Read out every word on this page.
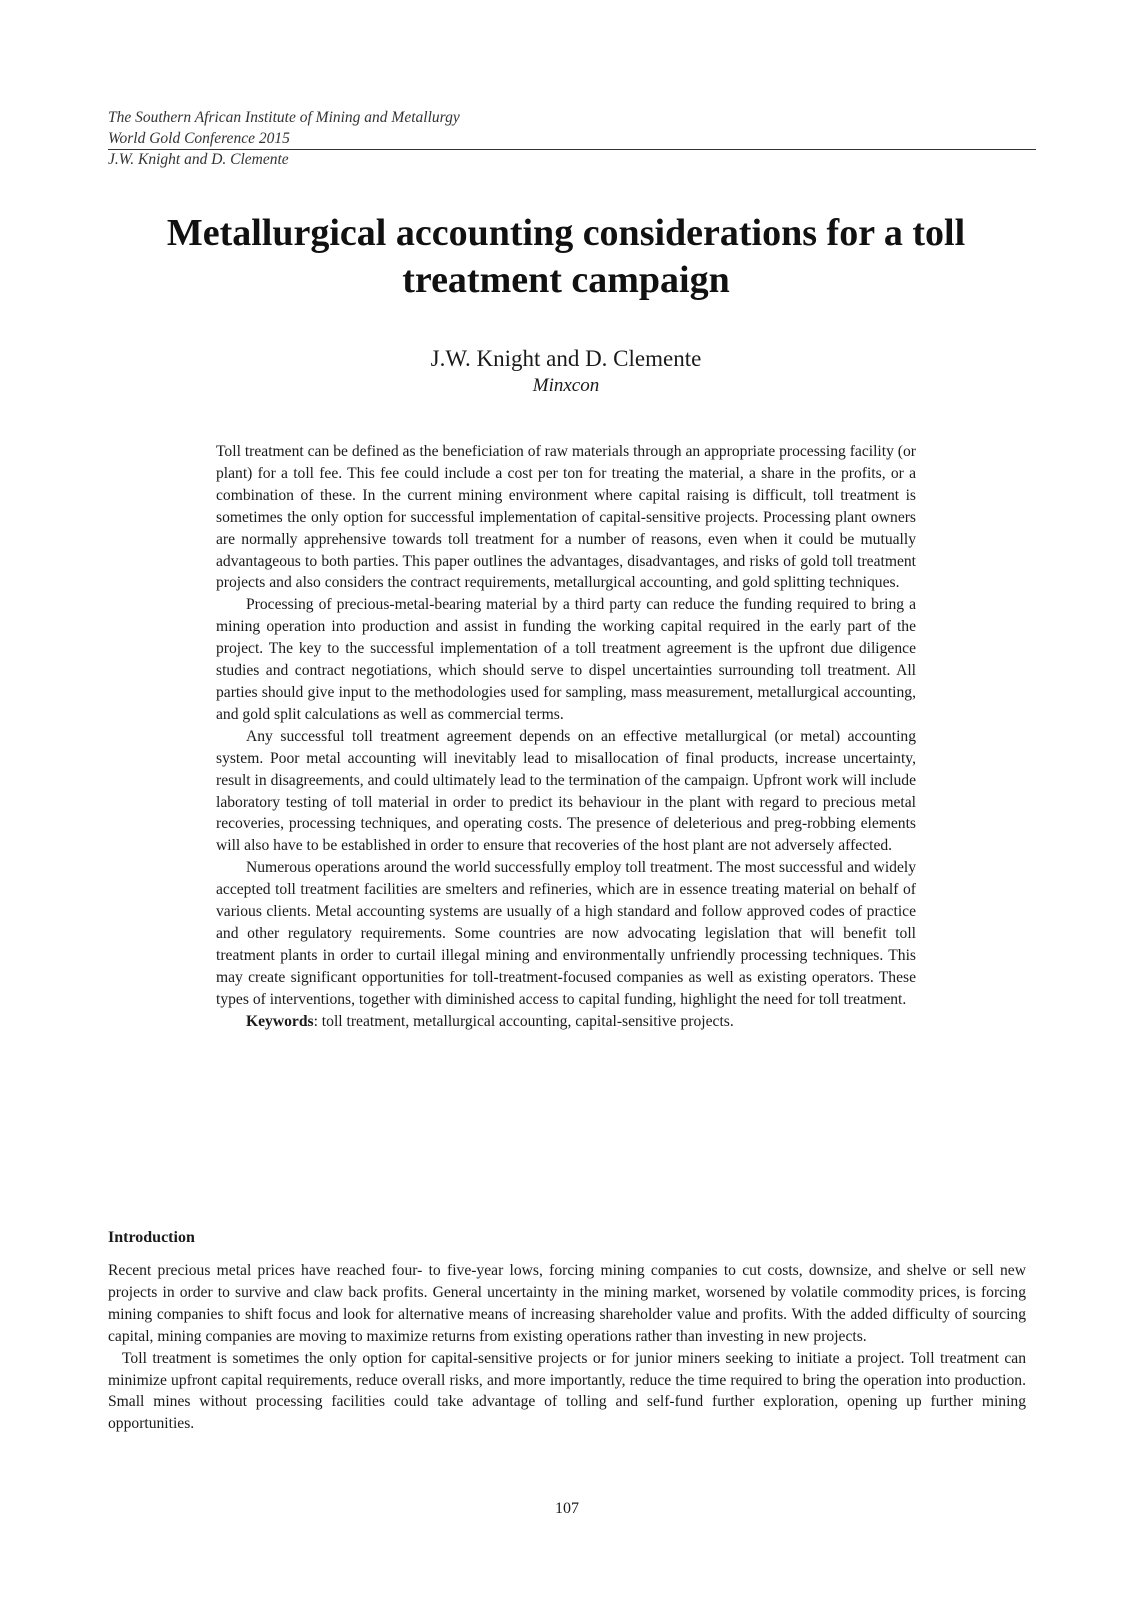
The Southern African Institute of Mining and Metallurgy
World Gold Conference 2015
J.W. Knight and D. Clemente
Metallurgical accounting considerations for a toll treatment campaign
J.W. Knight and D. Clemente
Minxcon

Toll treatment can be defined as the beneficiation of raw materials through an appropriate processing facility (or plant) for a toll fee. This fee could include a cost per ton for treating the material, a share in the profits, or a combination of these. In the current mining environment where capital raising is difficult, toll treatment is sometimes the only option for successful implementation of capital-sensitive projects. Processing plant owners are normally apprehensive towards toll treatment for a number of reasons, even when it could be mutually advantageous to both parties. This paper outlines the advantages, disadvantages, and risks of gold toll treatment projects and also considers the contract requirements, metallurgical accounting, and gold splitting techniques.

Processing of precious-metal-bearing material by a third party can reduce the funding required to bring a mining operation into production and assist in funding the working capital required in the early part of the project. The key to the successful implementation of a toll treatment agreement is the upfront due diligence studies and contract negotiations, which should serve to dispel uncertainties surrounding toll treatment. All parties should give input to the methodologies used for sampling, mass measurement, metallurgical accounting, and gold split calculations as well as commercial terms.

Any successful toll treatment agreement depends on an effective metallurgical (or metal) accounting system. Poor metal accounting will inevitably lead to misallocation of final products, increase uncertainty, result in disagreements, and could ultimately lead to the termination of the campaign. Upfront work will include laboratory testing of toll material in order to predict its behaviour in the plant with regard to precious metal recoveries, processing techniques, and operating costs. The presence of deleterious and preg-robbing elements will also have to be established in order to ensure that recoveries of the host plant are not adversely affected.

Numerous operations around the world successfully employ toll treatment. The most successful and widely accepted toll treatment facilities are smelters and refineries, which are in essence treating material on behalf of various clients. Metal accounting systems are usually of a high standard and follow approved codes of practice and other regulatory requirements. Some countries are now advocating legislation that will benefit toll treatment plants in order to curtail illegal mining and environmentally unfriendly processing techniques. This may create significant opportunities for toll-treatment-focused companies as well as existing operators. These types of interventions, together with diminished access to capital funding, highlight the need for toll treatment.

Keywords: toll treatment, metallurgical accounting, capital-sensitive projects.

Introduction

Recent precious metal prices have reached four- to five-year lows, forcing mining companies to cut costs, downsize, and shelve or sell new projects in order to survive and claw back profits. General uncertainty in the mining market, worsened by volatile commodity prices, is forcing mining companies to shift focus and look for alternative means of increasing shareholder value and profits. With the added difficulty of sourcing capital, mining companies are moving to maximize returns from existing operations rather than investing in new projects.

Toll treatment is sometimes the only option for capital-sensitive projects or for junior miners seeking to initiate a project. Toll treatment can minimize upfront capital requirements, reduce overall risks, and more importantly, reduce the time required to bring the operation into production. Small mines without processing facilities could take advantage of tolling and self-fund further exploration, opening up further mining opportunities.

107
